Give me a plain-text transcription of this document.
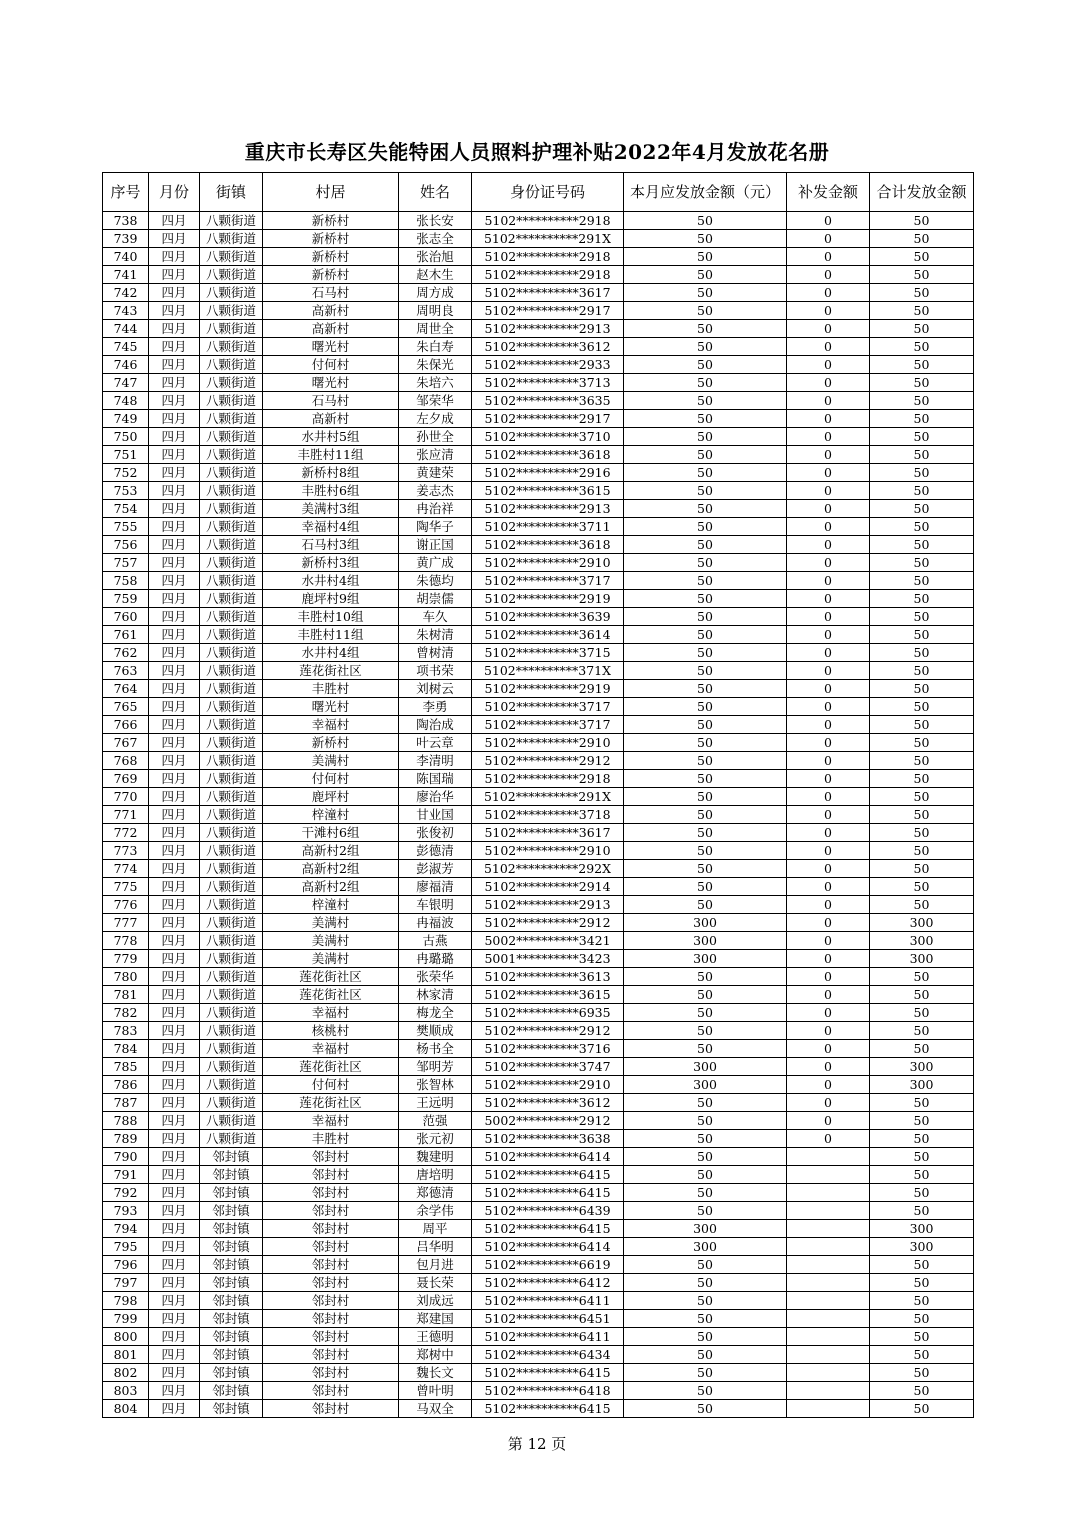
重庆市长寿区失能特困人员照料护理补贴2022年4月发放花名册
序号	月份	街镇	村居	姓名	身份证号码	本月应发放金额（元）	补发金额	合计发放金额
738	四月	八颗街道	新桥村	张长安	5102**********2918	50	0	50
739	四月	八颗街道	新桥村	张志全	5102**********291X	50	0	50
740	四月	八颗街道	新桥村	张治旭	5102**********2918	50	0	50
741	四月	八颗街道	新桥村	赵木生	5102**********2918	50	0	50
742	四月	八颗街道	石马村	周方成	5102**********3617	50	0	50
743	四月	八颗街道	高新村	周明良	5102**********2917	50	0	50
744	四月	八颗街道	高新村	周世全	5102**********2913	50	0	50
745	四月	八颗街道	曙光村	朱白寿	5102**********3612	50	0	50
746	四月	八颗街道	付何村	朱保光	5102**********2933	50	0	50
747	四月	八颗街道	曙光村	朱培六	5102**********3713	50	0	50
748	四月	八颗街道	石马村	邹荣华	5102**********3635	50	0	50
749	四月	八颗街道	高新村	左夕成	5102**********2917	50	0	50
750	四月	八颗街道	水井村5组	孙世全	5102**********3710	50	0	50
751	四月	八颗街道	丰胜村11组	张应清	5102**********3618	50	0	50
752	四月	八颗街道	新桥村8组	黄建荣	5102**********2916	50	0	50
753	四月	八颗街道	丰胜村6组	姜志杰	5102**********3615	50	0	50
754	四月	八颗街道	美满村3组	冉治祥	5102**********2913	50	0	50
755	四月	八颗街道	幸福村4组	陶华子	5102**********3711	50	0	50
756	四月	八颗街道	石马村3组	谢正国	5102**********3618	50	0	50
757	四月	八颗街道	新桥村3组	黄广成	5102**********2910	50	0	50
758	四月	八颗街道	水井村4组	朱德均	5102**********3717	50	0	50
759	四月	八颗街道	鹿坪村9组	胡崇儒	5102**********2919	50	0	50
760	四月	八颗街道	丰胜村10组	车久	5102**********3639	50	0	50
761	四月	八颗街道	丰胜村11组	朱树清	5102**********3614	50	0	50
762	四月	八颗街道	水井村4组	曾树清	5102**********3715	50	0	50
763	四月	八颗街道	莲花街社区	项书荣	5102**********371X	50	0	50
764	四月	八颗街道	丰胜村	刘树云	5102**********2919	50	0	50
765	四月	八颗街道	曙光村	李勇	5102**********3717	50	0	50
766	四月	八颗街道	幸福村	陶治成	5102**********3717	50	0	50
767	四月	八颗街道	新桥村	叶云章	5102**********2910	50	0	50
768	四月	八颗街道	美满村	李清明	5102**********2912	50	0	50
769	四月	八颗街道	付何村	陈国瑞	5102**********2918	50	0	50
770	四月	八颗街道	鹿坪村	廖治华	5102**********291X	50	0	50
771	四月	八颗街道	梓潼村	甘业国	5102**********3718	50	0	50
772	四月	八颗街道	干滩村6组	张俊初	5102**********3617	50	0	50
773	四月	八颗街道	高新村2组	彭德清	5102**********2910	50	0	50
774	四月	八颗街道	高新村2组	彭淑芳	5102**********292X	50	0	50
775	四月	八颗街道	高新村2组	廖福清	5102**********2914	50	0	50
776	四月	八颗街道	梓潼村	车银明	5102**********2913	50	0	50
777	四月	八颗街道	美满村	冉福波	5102**********2912	300	0	300
778	四月	八颗街道	美满村	古燕	5002**********3421	300	0	300
779	四月	八颗街道	美满村	冉璐璐	5001**********3423	300	0	300
780	四月	八颗街道	莲花街社区	张荣华	5102**********3613	50	0	50
781	四月	八颗街道	莲花街社区	林家清	5102**********3615	50	0	50
782	四月	八颗街道	幸福村	梅龙全	5102**********6935	50	0	50
783	四月	八颗街道	核桃村	樊顺成	5102**********2912	50	0	50
784	四月	八颗街道	幸福村	杨书全	5102**********3716	50	0	50
785	四月	八颗街道	莲花街社区	邹明芳	5102**********3747	300	0	300
786	四月	八颗街道	付何村	张智林	5102**********2910	300	0	300
787	四月	八颗街道	莲花街社区	王远明	5102**********3612	50	0	50
788	四月	八颗街道	幸福村	范强	5002**********2912	50	0	50
789	四月	八颗街道	丰胜村	张元初	5102**********3638	50	0	50
790	四月	邻封镇	邻封村	魏建明	5102**********6414	50		50
791	四月	邻封镇	邻封村	唐培明	5102**********6415	50		50
792	四月	邻封镇	邻封村	郑德清	5102**********6415	50		50
793	四月	邻封镇	邻封村	余学伟	5102**********6439	50		50
794	四月	邻封镇	邻封村	周平	5102**********6415	300		300
795	四月	邻封镇	邻封村	吕华明	5102**********6414	300		300
796	四月	邻封镇	邻封村	包月进	5102**********6619	50		50
797	四月	邻封镇	邻封村	聂长荣	5102**********6412	50		50
798	四月	邻封镇	邻封村	刘成远	5102**********6411	50		50
799	四月	邻封镇	邻封村	郑建国	5102**********6451	50		50
800	四月	邻封镇	邻封村	王德明	5102**********6411	50		50
801	四月	邻封镇	邻封村	郑树中	5102**********6434	50		50
802	四月	邻封镇	邻封村	魏长文	5102**********6415	50		50
803	四月	邻封镇	邻封村	曾叶明	5102**********6418	50		50
804	四月	邻封镇	邻封村	马双全	5102**********6415	50		50
第 12 页
